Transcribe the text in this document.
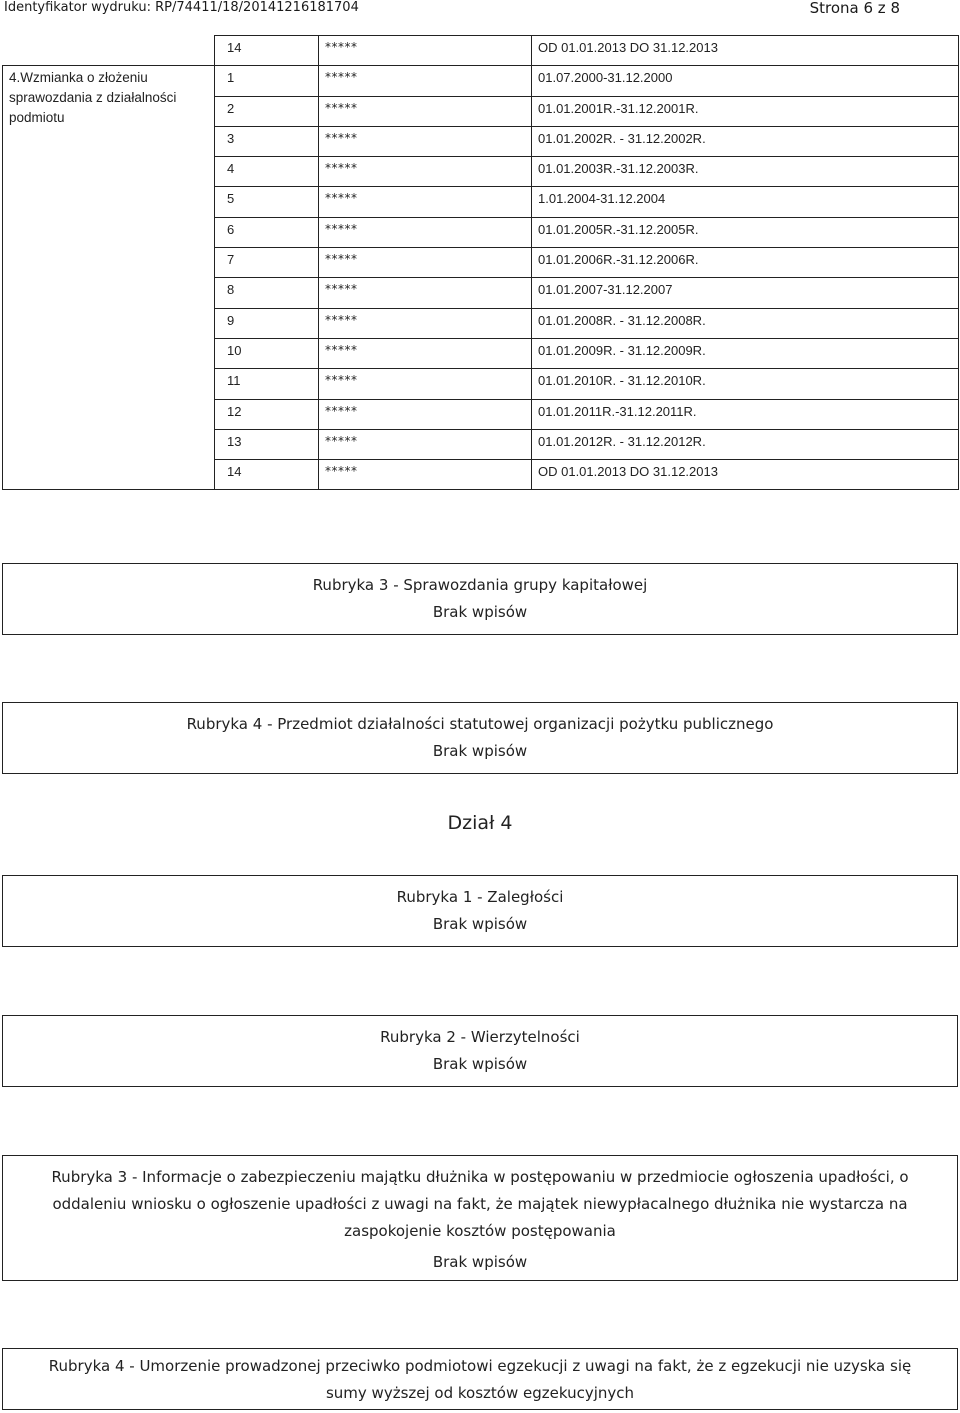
Identyfikator wydruku: RP/74411/18/20141216181704	Strona 6 z 8
	14	*****	OD 01.01.2013 DO 31.12.2013
4.Wzmianka o złożeniu sprawozdania z działalności podmiotu	1	*****	01.07.2000-31.12.2000
	2	*****	01.01.2001R.-31.12.2001R.
	3	*****	01.01.2002R. - 31.12.2002R.
	4	*****	01.01.2003R.-31.12.2003R.
	5	*****	1.01.2004-31.12.2004
	6	*****	01.01.2005R.-31.12.2005R.
	7	*****	01.01.2006R.-31.12.2006R.
	8	*****	01.01.2007-31.12.2007
	9	*****	01.01.2008R. - 31.12.2008R.
	10	*****	01.01.2009R. - 31.12.2009R.
	11	*****	01.01.2010R. - 31.12.2010R.
	12	*****	01.01.2011R.-31.12.2011R.
	13	*****	01.01.2012R. - 31.12.2012R.
	14	*****	OD 01.01.2013 DO 31.12.2013
Rubryka 3 - Sprawozdania grupy kapitałowej
Brak wpisów
Rubryka 4 - Przedmiot działalności statutowej organizacji pożytku publicznego
Brak wpisów
Dział 4
Rubryka 1 - Zaległości
Brak wpisów
Rubryka 2 - Wierzytelności
Brak wpisów
Rubryka 3 - Informacje o zabezpieczeniu majątku dłużnika w postępowaniu w przedmiocie ogłoszenia upadłości, o
oddaleniu wniosku o ogłoszenie upadłości z uwagi na fakt, że majątek niewypłacalnego dłużnika nie wystarcza na
zaspokojenie kosztów postępowania
Brak wpisów
Rubryka 4 - Umorzenie prowadzonej przeciwko podmiotowi egzekucji z uwagi na fakt, że z egzekucji nie uzyska się
sumy wyższej od kosztów egzekucyjnych
